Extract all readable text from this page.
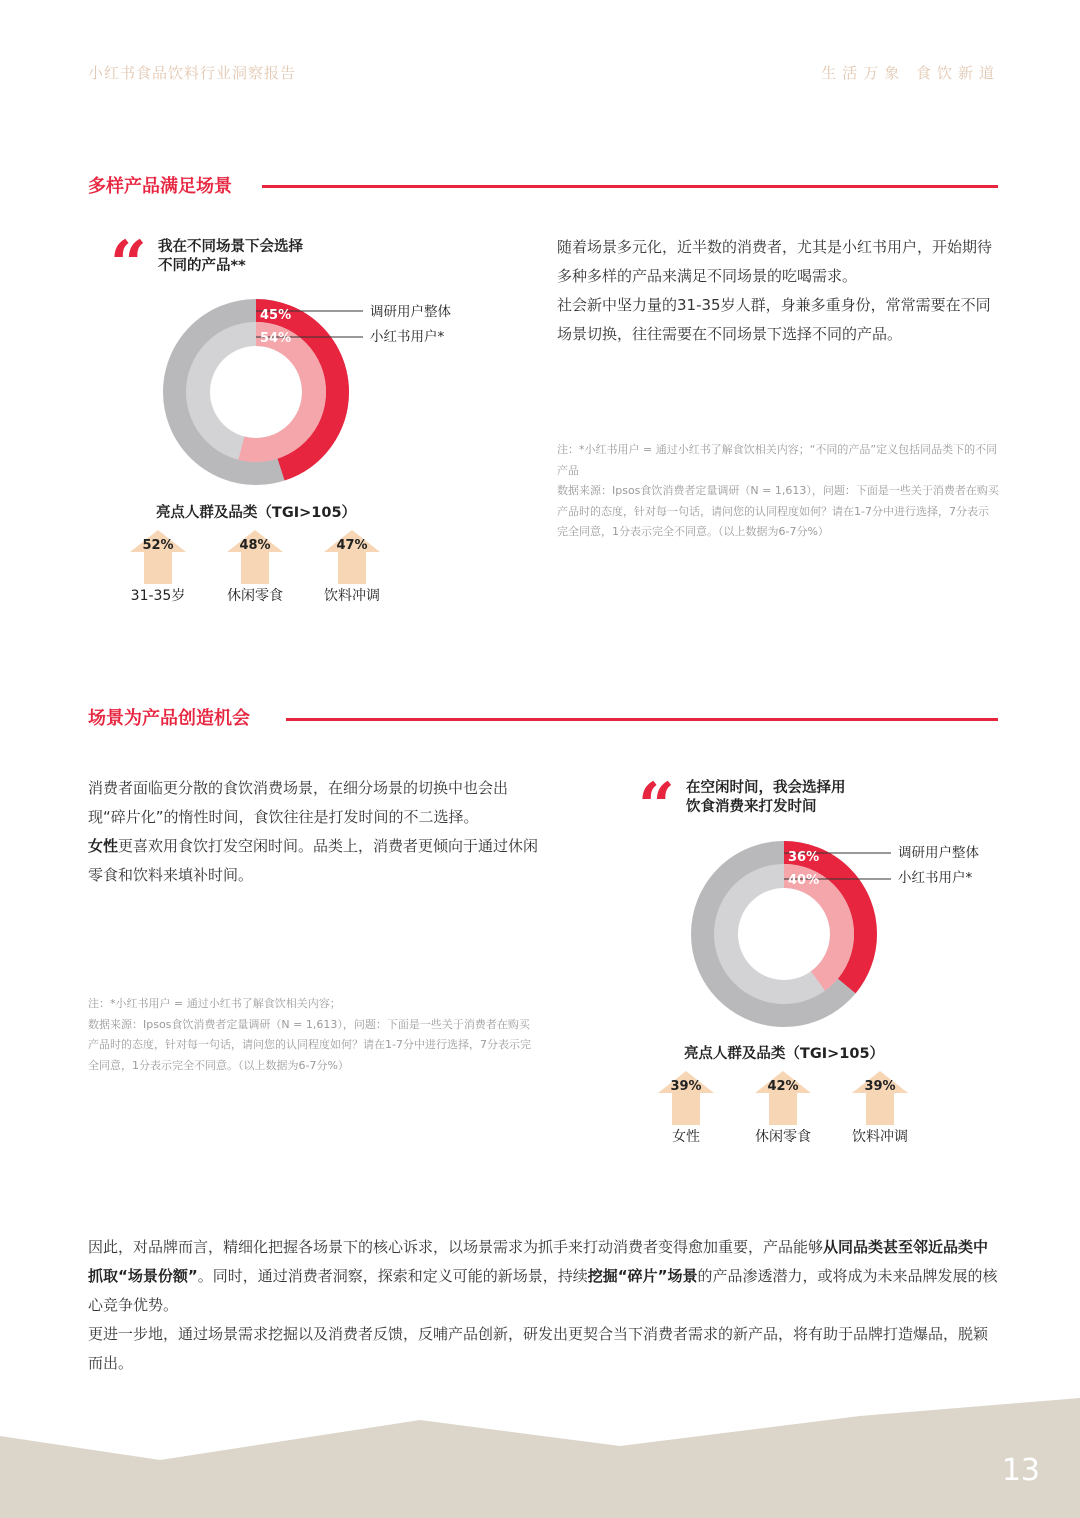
小红书食品饮料行业洞察报告	生活万象 食饮新道
多样产品满足场景
“ 我在不同场景下会选择
不同的产品**
45%
54%
调研用户整体
小红书用户*
亮点人群及品类（TGI>105）
52%
31-35岁
48%
休闲零食
47%
饮料冲调
随着场景多元化，近半数的消费者，尤其是小红书用户，开始期待多种多样的产品来满足不同场景的吃喝需求。
社会新中坚力量的31-35岁人群，身兼多重身份，常常需要在不同场景切换，往往需要在不同场景下选择不同的产品。
注：*小红书用户 = 通过小红书了解食饮相关内容；“不同的产品”定义包括同品类下的不同产品
数据来源：Ipsos食饮消费者定量调研（N = 1,613），问题：下面是一些关于消费者在购买产品时的态度，针对每一句话，请问您的认同程度如何？请在1-7分中进行选择，7分表示完全同意，1分表示完全不同意。（以上数据为6-7分%）
场景为产品创造机会
消费者面临更分散的食饮消费场景，在细分场景的切换中也会出现“碎片化”的惰性时间，食饮往往是打发时间的不二选择。
女性更喜欢用食饮打发空闲时间。品类上，消费者更倾向于通过休闲零食和饮料来填补时间。
注：*小红书用户 = 通过小红书了解食饮相关内容；
数据来源：Ipsos食饮消费者定量调研（N = 1,613），问题：下面是一些关于消费者在购买产品时的态度，针对每一句话，请问您的认同程度如何？请在1-7分中进行选择，7分表示完全同意，1分表示完全不同意。（以上数据为6-7分%）
“ 在空闲时间，我会选择用
饮食消费来打发时间
36%
40%
调研用户整体
小红书用户*
亮点人群及品类（TGI>105）
39%
女性
42%
休闲零食
39%
饮料冲调
因此，对品牌而言，精细化把握各场景下的核心诉求，以场景需求为抓手来打动消费者变得愈加重要，产品能够从同品类甚至邻近品类中抓取“场景份额”。同时，通过消费者洞察，探索和定义可能的新场景，持续挖掘“碎片”场景的产品渗透潜力，或将成为未来品牌发展的核心竞争优势。
更进一步地，通过场景需求挖掘以及消费者反馈，反哺产品创新，研发出更契合当下消费者需求的新产品，将有助于品牌打造爆品，脱颖而出。
13
